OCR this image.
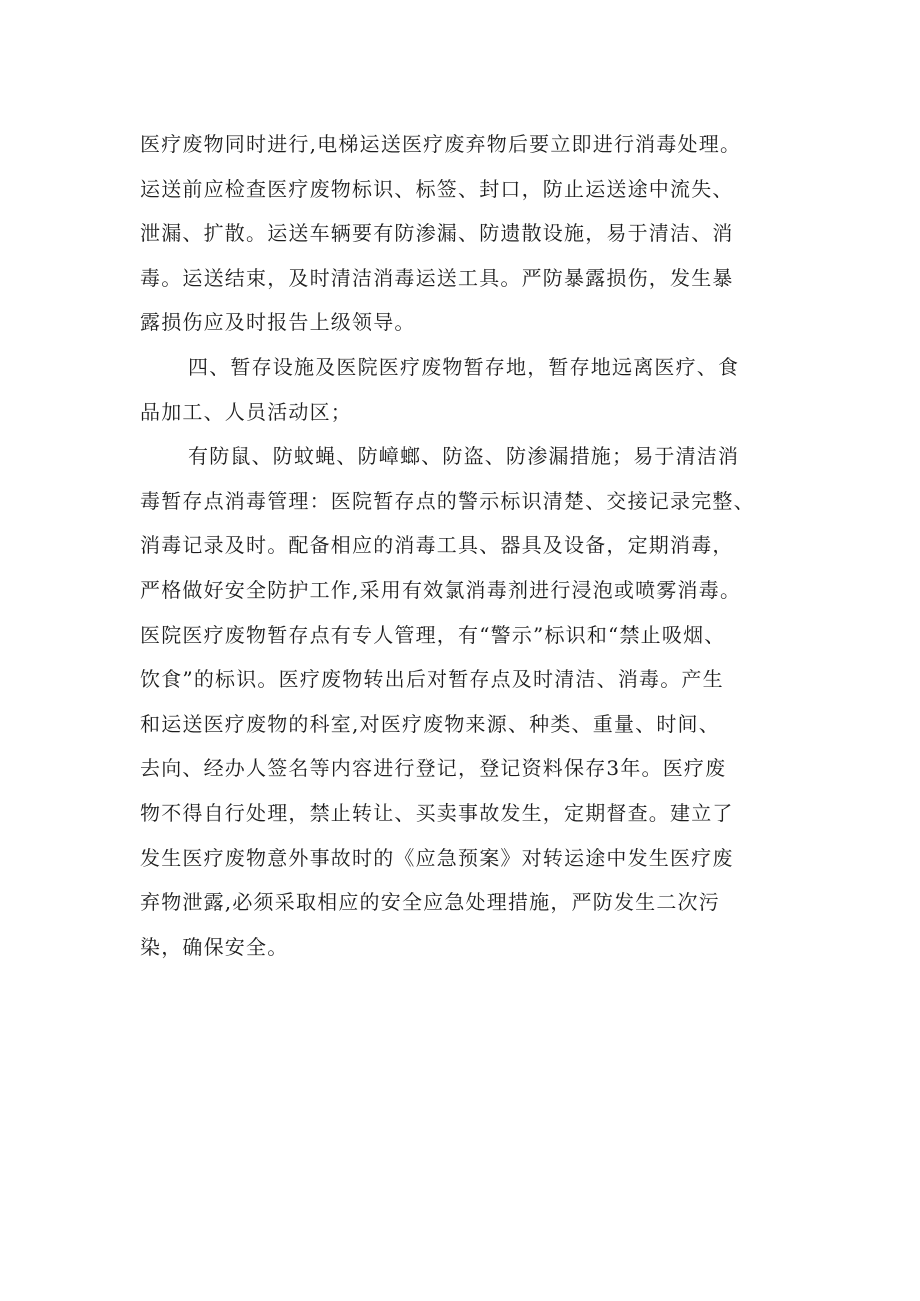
医疗废物同时进行,电梯运送医疗废弃物后要立即进行消毒处理。
运送前应检查医疗废物标识、标签、封口，防止运送途中流失、
泄漏、扩散。运送车辆要有防渗漏、防遗散设施，易于清洁、消
毒。运送结束，及时清洁消毒运送工具。严防暴露损伤，发生暴
露损伤应及时报告上级领导。
四、暂存设施及医院医疗废物暂存地，暂存地远离医疗、食
品加工、人员活动区；
有防鼠、防蚊蝇、防嶂螂、防盗、防渗漏措施；易于清洁消
毒暂存点消毒管理：医院暂存点的警示标识清楚、交接记录完整、
消毒记录及时。配备相应的消毒工具、器具及设备，定期消毒，
严格做好安全防护工作,采用有效氯消毒剂进行浸泡或喷雾消毒。
医院医疗废物暂存点有专人管理，有“警示”标识和“禁止吸烟、
饮食”的标识。医疗废物转出后对暂存点及时清洁、消毒。产生
和运送医疗废物的科室,对医疗废物来源、种类、重量、时间、
去向、经办人签名等内容进行登记，登记资料保存3年。医疗废
物不得自行处理，禁止转让、买卖事故发生，定期督查。建立了
发生医疗废物意外事故时的《应急预案》对转运途中发生医疗废
弃物泄露,必须采取相应的安全应急处理措施，严防发生二次污
染，确保安全。
